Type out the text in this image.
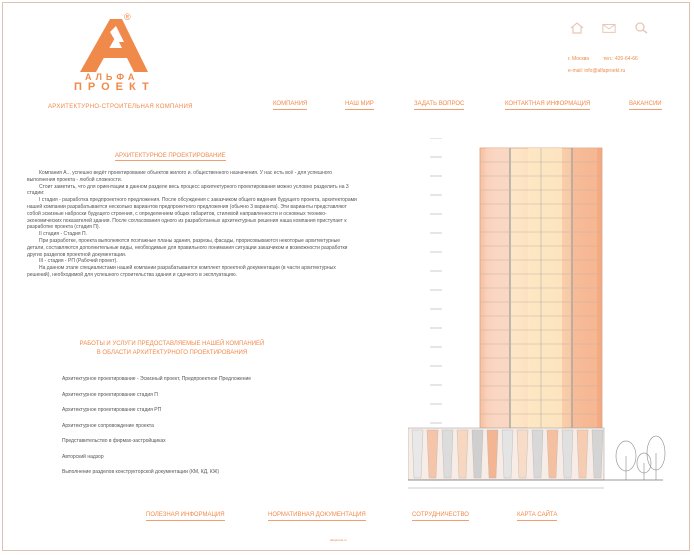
®
АЛЬФА
ПРОЕКТ
АРХИТЕКТУРНО-СТРОИТЕЛЬНАЯ КОМПАНИЯ
г. Москва	тел.: 420-64-66
e-mail: info@alfaproekt.ru
КОМПАНИЯ	НАШ МИР	ЗАДАТЬ ВОПРОС	КОНТАКТНАЯ ИНФОРМАЦИЯ	ВАКАНСИИ
АРХИТЕКТУРНОЕ ПРОЕКТИРОВАНИЕ

Компания А... успешно ведёт проектирование объектов жилого и. общественного назначения. У нас есть всё - для успешного выполнения проекта - любой сложности.

Стоит заметить, что для ориентации в данном разделе весь процесс архитектурного проектирования можно условно разделить на 3 стадии:

I стадия - разработка предпроектного предложения. После обсуждения с заказчиком общего видения будущего проекта, архитекторами нашей компании разрабатывается несколько вариантов предпроектного предложения (обычно 3 варианта). Эти варианты представляют собой эскизные наброски будущего строения, с определением общих габаритов, стилевой направленности и основных технико-экономических показателей здания. После согласования одного из разработанных архитектурных решения наша компания приступает к разработке проекта (стадия П).

II стадия - Стадия П.

При разработке, проекта выполняются поэтажные планы здания, разрезы, фасады, прорисовываются некоторые архитектурные детали, составляются дополнительные виды, необходимые для правильного понимания ситуации заказчиком и возможности разработки других разделов проектной документации.

III - стадия - РП (Рабочий проект).

На данном этапе специалистами нашей компании разрабатывается комплект проектной документации (в части архитектурных решений), необходимой для успешного строительства здания и сдачного в эксплуатацию.

РАБОТЫ И УСЛУГИ ПРЕДОСТАВЛЯЕМЫЕ НАШЕЙ КОМПАНИЕЙ
В ОБЛАСТИ АРХИТЕКТУРНОГО ПРОЕКТИРОВАНИЯ
Архитектурное проектирование - Эскизный проект, Предпроектное Предложение
Архитектурное проектирование стадия П
Архитектурное проектирование стадия РП
Архитектурное сопровождение проекта
Представительство в фирмах-застройщиках
Авторский надзор
Выполнение разделов конструкторской документации (КМ, КД, КЖ)
ПОЛЕЗНАЯ ИНФОРМАЦИЯ	НОРМАТИВНАЯ ДОКУМЕНТАЦИЯ	СОТРУДНИЧЕСТВО	КАРТА САЙТА
alfaproekt.ru
